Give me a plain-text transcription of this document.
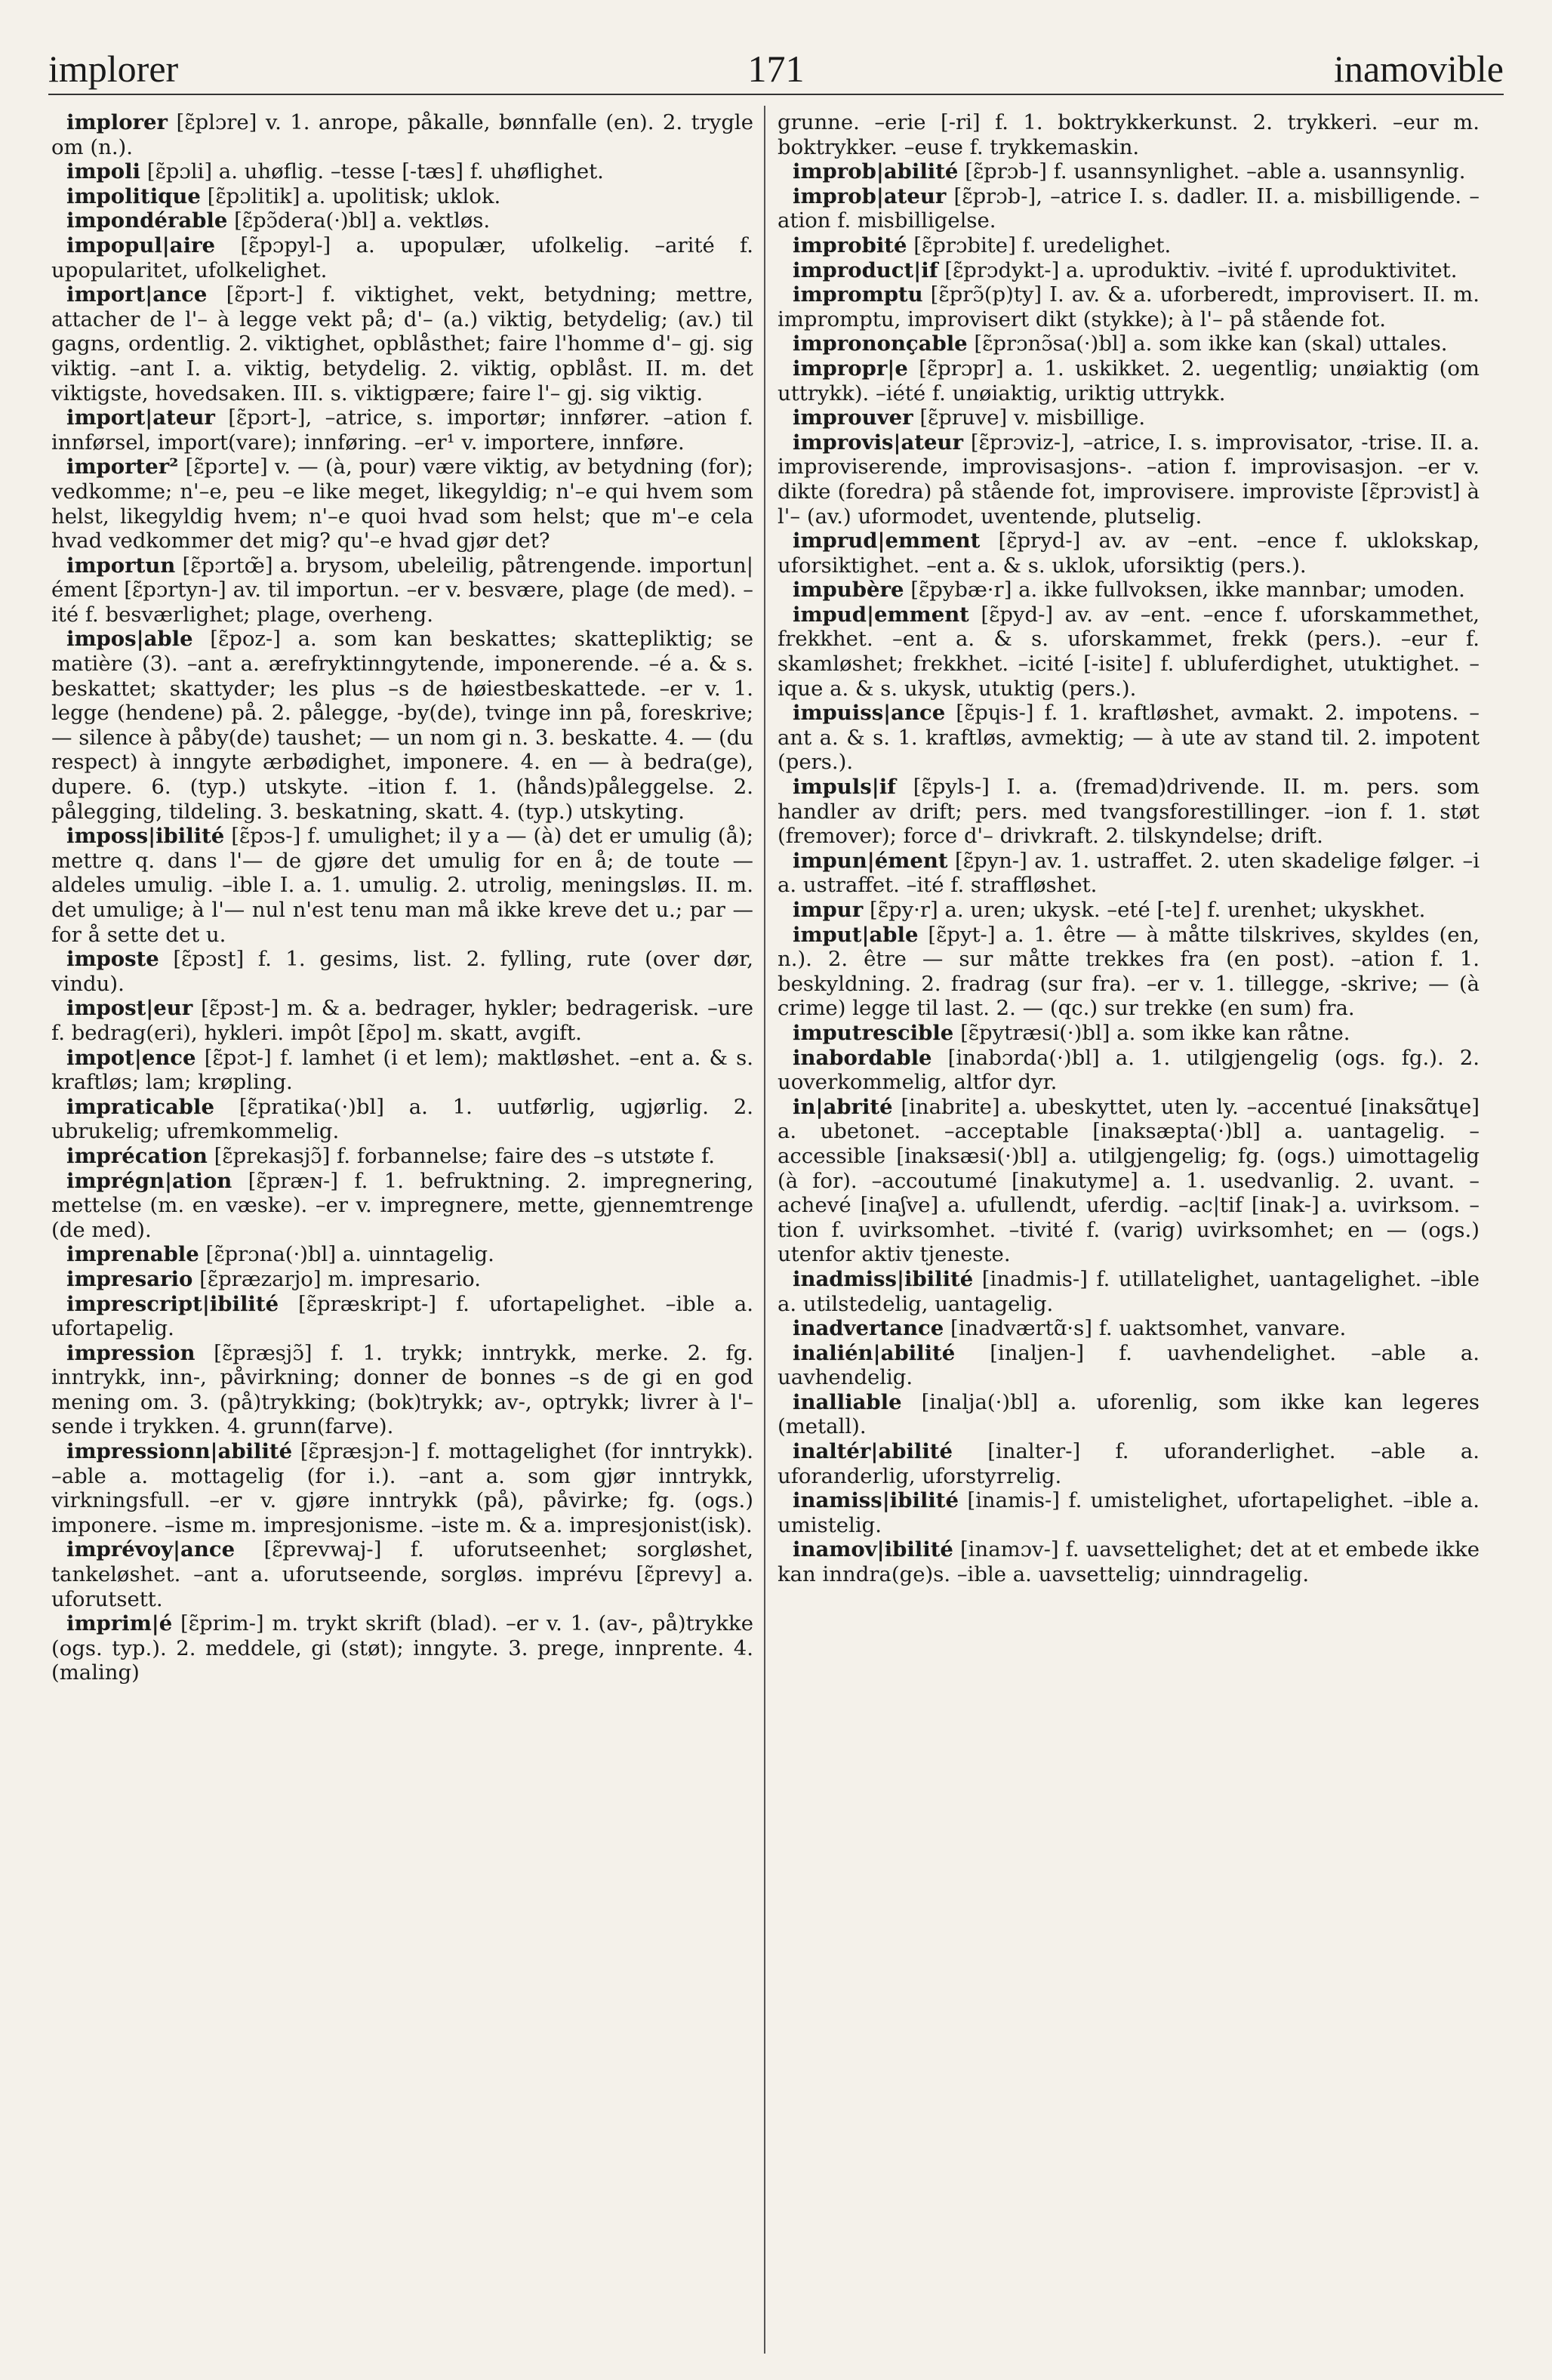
implorer	171	inamovible

implorer [ɛ̃plɔre] v. 1. anrope, påkalle, bønnfalle (en). 2. trygle om (n.).

impoli [ɛ̃pɔli] a. uhøflig. –tesse [-tæs] f. uhøflighet.

impolitique [ɛ̃pɔlitik] a. upolitisk; uklok.

impondérable [ɛ̃pɔ̃dera(·)bl] a. vektløs.

impopul|aire [ɛ̃pɔpyl-] a. upopulær, ufolkelig. –arité f. upopularitet, ufolkelighet.

import|ance [ɛ̃pɔrt-] f. viktighet, vekt, betydning; mettre, attacher de l'– à legge vekt på; d'– (a.) viktig, betydelig; (av.) til gagns, ordentlig. 2. viktighet, opblåsthet; faire l'homme d'– gj. sig viktig. –ant I. a. viktig, betydelig. 2. viktig, opblåst. II. m. det viktigste, hovedsaken. III. s. viktigpære; faire l'– gj. sig viktig.

import|ateur [ɛ̃pɔrt-], –atrice, s. importør; innfører. –ation f. innførsel, import(vare); innføring. –er¹ v. importere, innføre.

importer² [ɛ̃pɔrte] v. — (à, pour) være viktig, av betydning (for); vedkomme; n'–e, peu –e like meget, likegyldig; n'–e qui hvem som helst, likegyldig hvem; n'–e quoi hvad som helst; que m'–e cela hvad vedkommer det mig? qu'–e hvad gjør det?

importun [ɛ̃pɔrtœ̃] a. brysom, ubeleilig, påtrengende. importun|ément [ɛ̃pɔrtyn-] av. til importun. –er v. besvære, plage (de med). –ité f. besværlighet; plage, overheng.

impos|able [ɛ̃poz-] a. som kan beskattes; skattepliktig; se matière (3). –ant a. ærefryktinngytende, imponerende. –é a. & s. beskattet; skattyder; les plus –s de høiestbeskattede. –er v. 1. legge (hendene) på. 2. pålegge, -by(de), tvinge inn på, foreskrive; — silence à påby(de) taushet; — un nom gi n. 3. beskatte. 4. — (du respect) à inngyte ærbødighet, imponere. 4. en — à bedra(ge), dupere. 6. (typ.) utskyte. –ition f. 1. (hånds)påleggelse. 2. pålegging, tildeling. 3. beskatning, skatt. 4. (typ.) utskyting.

imposs|ibilité [ɛ̃pɔs-] f. umulighet; il y a — (à) det er umulig (å); mettre q. dans l'— de gjøre det umulig for en å; de toute — aldeles umulig. –ible I. a. 1. umulig. 2. utrolig, meningsløs. II. m. det umulige; à l'— nul n'est tenu man må ikke kreve det u.; par — for å sette det u.

imposte [ɛ̃pɔst] f. 1. gesims, list. 2. fylling, rute (over dør, vindu).

impost|eur [ɛ̃pɔst-] m. & a. bedrager, hykler; bedragerisk. –ure f. bedrag(eri), hykleri. impôt [ɛ̃po] m. skatt, avgift.

impot|ence [ɛ̃pɔt-] f. lamhet (i et lem); maktløshet. –ent a. & s. kraftløs; lam; krøpling.

impraticable [ɛ̃pratika(·)bl] a. 1. uutførlig, ugjørlig. 2. ubrukelig; ufremkommelig.

imprécation [ɛ̃prekasjɔ̃] f. forbannelse; faire des –s utstøte f.

imprégn|ation [ɛ̃præɴ-] f. 1. befruktning. 2. impregnering, mettelse (m. en væske). –er v. impregnere, mette, gjennemtrenge (de med).

imprenable [ɛ̃prɔna(·)bl] a. uinntagelig.

impresario [ɛ̃præzarjo] m. impresario.

imprescript|ibilité [ɛ̃præskript-] f. ufortapelighet. –ible a. ufortapelig.

impression [ɛ̃præsjɔ̃] f. 1. trykk; inntrykk, merke. 2. fg. inntrykk, inn-, påvirkning; donner de bonnes –s de gi en god mening om. 3. (på)trykking; (bok)trykk; av-, optrykk; livrer à l'– sende i trykken. 4. grunn(farve).

impressionn|abilité [ɛ̃præsjɔn-] f. mottagelighet (for inntrykk). –able a. mottagelig (for i.). –ant a. som gjør inntrykk, virkningsfull. –er v. gjøre inntrykk (på), påvirke; fg. (ogs.) imponere. –isme m. impresjonisme. –iste m. & a. impresjonist(isk).

imprévoy|ance [ɛ̃prevwaj-] f. uforutseenhet; sorgløshet, tankeløshet. –ant a. uforutseende, sorgløs. imprévu [ɛ̃prevy] a. uforutsett.

imprim|é [ɛ̃prim-] m. trykt skrift (blad). –er v. 1. (av-, på)trykke (ogs. typ.). 2. meddele, gi (støt); inngyte. 3. prege, innprente. 4. (maling)

grunne. –erie [-ri] f. 1. boktrykkerkunst. 2. trykkeri. –eur m. boktrykker. –euse f. trykkemaskin.

improb|abilité [ɛ̃prɔb-] f. usannsynlighet. –able a. usannsynlig.

improb|ateur [ɛ̃prɔb-], –atrice I. s. dadler. II. a. misbilligende. –ation f. misbilligelse.

improbité [ɛ̃prɔbite] f. uredelighet.

improduct|if [ɛ̃prɔdykt-] a. uproduktiv. –ivité f. uproduktivitet.

impromptu [ɛ̃prɔ̃(p)ty] I. av. & a. uforberedt, improvisert. II. m. impromptu, improvisert dikt (stykke); à l'– på stående fot.

imprononçable [ɛ̃prɔnɔ̃sa(·)bl] a. som ikke kan (skal) uttales.

impropr|e [ɛ̃prɔpr] a. 1. uskikket. 2. uegentlig; unøiaktig (om uttrykk). –iété f. unøiaktig, uriktig uttrykk.

improuver [ɛ̃pruve] v. misbillige.

improvis|ateur [ɛ̃prɔviz-], –atrice, I. s. improvisator, -trise. II. a. improviserende, improvisasjons-. –ation f. improvisasjon. –er v. dikte (foredra) på stående fot, improvisere. improviste [ɛ̃prɔvist] à l'– (av.) uformodet, uventende, plutselig.

imprud|emment [ɛ̃pryd-] av. av –ent. –ence f. uklokskap, uforsiktighet. –ent a. & s. uklok, uforsiktig (pers.).

impubère [ɛ̃pybæ·r] a. ikke fullvoksen, ikke mannbar; umoden.

impud|emment [ɛ̃pyd-] av. av –ent. –ence f. uforskammethet, frekkhet. –ent a. & s. uforskammet, frekk (pers.). –eur f. skamløshet; frekkhet. –icité [-isite] f. ubluferdighet, utuktighet. –ique a. & s. ukysk, utuktig (pers.).

impuiss|ance [ɛ̃pɥis-] f. 1. kraftløshet, avmakt. 2. impotens. –ant a. & s. 1. kraftløs, avmektig; — à ute av stand til. 2. impotent (pers.).

impuls|if [ɛ̃pyls-] I. a. (fremad)drivende. II. m. pers. som handler av drift; pers. med tvangsforestillinger. –ion f. 1. støt (fremover); force d'– drivkraft. 2. tilskyndelse; drift.

impun|ément [ɛ̃pyn-] av. 1. ustraffet. 2. uten skadelige følger. –i a. ustraffet. –ité f. straffløshet.

impur [ɛ̃py·r] a. uren; ukysk. –eté [-te] f. urenhet; ukyskhet.

imput|able [ɛ̃pyt-] a. 1. être — à måtte tilskrives, skyldes (en, n.). 2. être — sur måtte trekkes fra (en post). –ation f. 1. beskyldning. 2. fradrag (sur fra). –er v. 1. tillegge, -skrive; — (à crime) legge til last. 2. — (qc.) sur trekke (en sum) fra.

imputrescible [ɛ̃pytræsi(·)bl] a. som ikke kan råtne.

inabordable [inabɔrda(·)bl] a. 1. utilgjengelig (ogs. fg.). 2. uoverkommelig, altfor dyr.

in|abrité [inabrite] a. ubeskyttet, uten ly. –accentué [inaksɑ̃tɥe] a. ubetonet. –acceptable [inaksæpta(·)bl] a. uantagelig. –accessible [inaksæsi(·)bl] a. utilgjengelig; fg. (ogs.) uimottagelig (à for). –accoutumé [inakutyme] a. 1. usedvanlig. 2. uvant. –achevé [inaʃve] a. ufullendt, uferdig. –ac|tif [inak-] a. uvirksom. –tion f. uvirksomhet. –tivité f. (varig) uvirksomhet; en — (ogs.) utenfor aktiv tjeneste.

inadmiss|ibilité [inadmis-] f. utillatelighet, uantagelighet. –ible a. utilstedelig, uantagelig.

inadvertance [inadværtɑ̃·s] f. uaktsomhet, vanvare.

inalién|abilité [inaljen-] f. uavhendelighet. –able a. uavhendelig.

inalliable [inalja(·)bl] a. uforenlig, som ikke kan legeres (metall).

inaltér|abilité [inalter-] f. uforanderlighet. –able a. uforanderlig, uforstyrrelig.

inamiss|ibilité [inamis-] f. umistelighet, ufortapelighet. –ible a. umistelig.

inamov|ibilité [inamɔv-] f. uavsettelighet; det at et embede ikke kan inndra(ge)s. –ible a. uavsettelig; uinndragelig.
